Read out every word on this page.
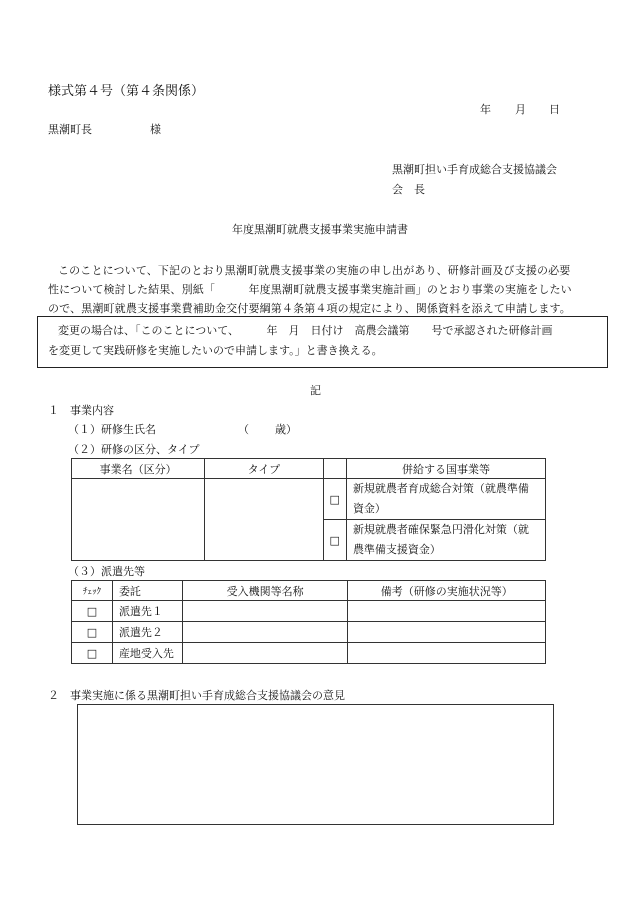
様式第４号（第４条関係）
年 月 日
黒潮町長	様
黒潮町担い手育成総合支援協議会
会　長
年度黒潮町就農支援事業実施申請書
このことについて、下記のとおり黒潮町就農支援事業の実施の申し出があり、研修計画及び支援の必要
性について検討した結果、別紙「　　　年度黒潮町就農支援事業実施計画」のとおり事業の実施をしたい
ので、黒潮町就農支援事業費補助金交付要綱第４条第４項の規定により、関係資料を添えて申請します。
変更の場合は、「このことについて、　　　年　月　日付け　高農会議第　　号で承認された研修計画
を変更して実践研修を実施したいので申請します。」と書き換える。
記
１　事業内容
（１）研修生氏名	（ 歳）
（２）研修の区分、タイプ
事業名（区分）	タイプ		併給する国事業等
		□	新規就農者育成総合対策（就農準備
資金）

		□	新規就農者確保緊急円滑化対策（就
農準備支援資金）
（３）派遣先等
ﾁｪｯｸ	委託	受入機関等名称	備考（研修の実施状況等）
□	派遣先１		
□	派遣先２		
□	産地受入先		
２　事業実施に係る黒潮町担い手育成総合支援協議会の意見
